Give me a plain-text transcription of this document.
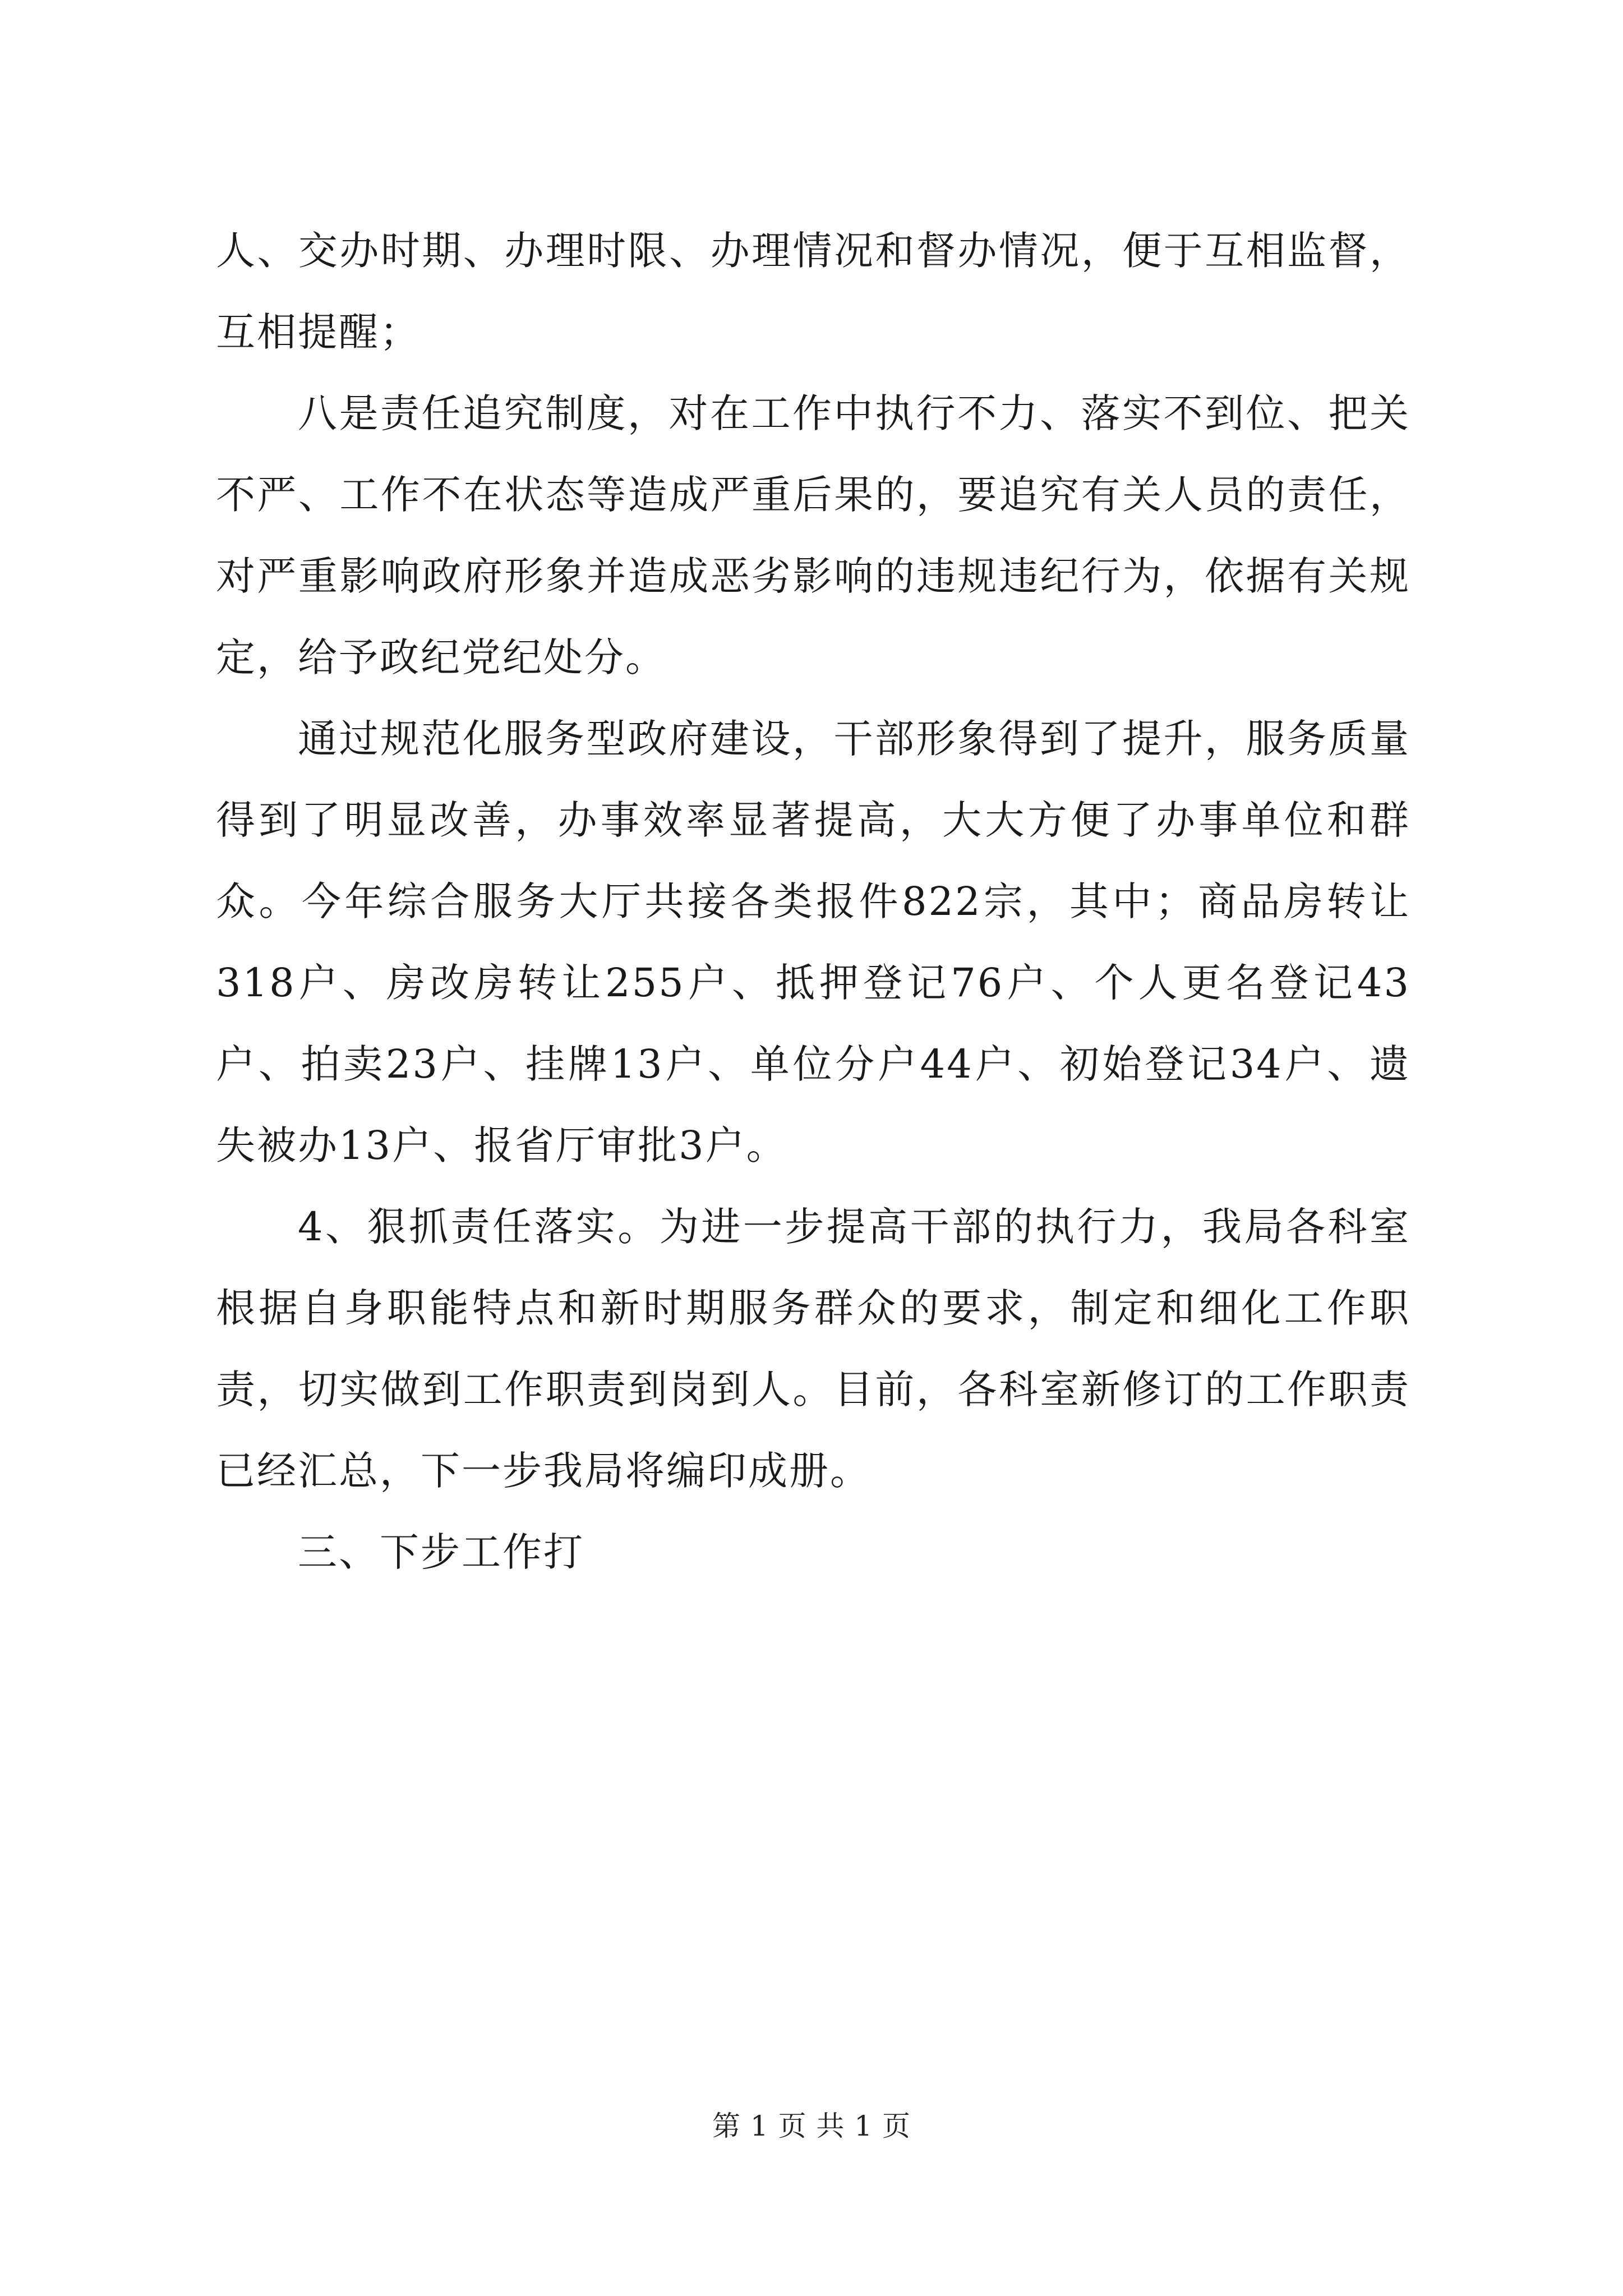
人、交办时期、办理时限、办理情况和督办情况，便于互相监督，互相提醒；

八是责任追究制度，对在工作中执行不力、落实不到位、把关不严、工作不在状态等造成严重后果的，要追究有关人员的责任，对严重影响政府形象并造成恶劣影响的违规违纪行为，依据有关规定，给予政纪党纪处分。

通过规范化服务型政府建设，干部形象得到了提升，服务质量得到了明显改善，办事效率显著提高，大大方便了办事单位和群众。今年综合服务大厅共接各类报件822宗，其中；商品房转让318户、房改房转让255户、抵押登记76户、个人更名登记43户、拍卖23户、挂牌13户、单位分户44户、初始登记34户、遗失被办13户、报省厅审批3户。

4、狠抓责任落实。为进一步提高干部的执行力，我局各科室根据自身职能特点和新时期服务群众的要求，制定和细化工作职责，切实做到工作职责到岗到人。目前，各科室新修订的工作职责已经汇总，下一步我局将编印成册。

三、下步工作打

第 1 页 共 1 页
